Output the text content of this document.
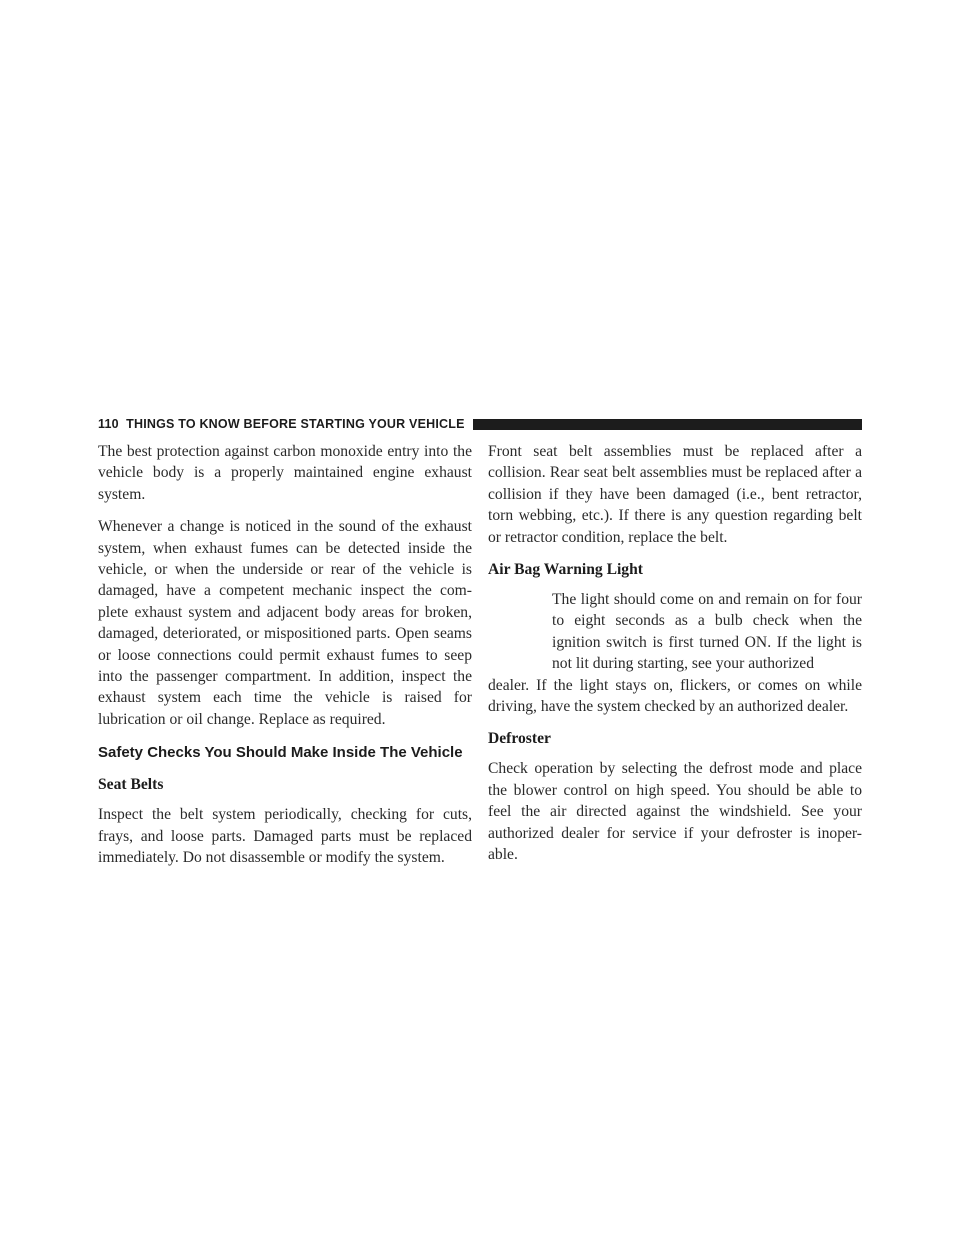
110 THINGS TO KNOW BEFORE STARTING YOUR VEHICLE

The best protection against carbon monoxide entry into the vehicle body is a properly maintained engine exhaust system.

Whenever a change is noticed in the sound of the exhaust system, when exhaust fumes can be detected inside the vehicle, or when the underside or rear of the vehicle is damaged, have a competent mechanic inspect the com-plete exhaust system and adjacent body areas for broken, damaged, deteriorated, or mispositioned parts. Open seams or loose connections could permit exhaust fumes to seep into the passenger compartment. In addition, inspect the exhaust system each time the vehicle is raised for lubrication or oil change. Replace as required.

Safety Checks You Should Make Inside The Vehicle
Seat Belts

Inspect the belt system periodically, checking for cuts, frays, and loose parts. Damaged parts must be replaced immediately. Do not disassemble or modify the system.

Front seat belt assemblies must be replaced after a collision. Rear seat belt assemblies must be replaced after a collision if they have been damaged (i.e., bent retractor, torn webbing, etc.). If there is any question regarding belt or retractor condition, replace the belt.

Air Bag Warning Light

The light should come on and remain on for four to eight seconds as a bulb check when the ignition switch is first turned ON. If the light is not lit during starting, see your authorized

dealer. If the light stays on, flickers, or comes on while driving, have the system checked by an authorized dealer.

Defroster

Check operation by selecting the defrost mode and place the blower control on high speed. You should be able to feel the air directed against the windshield. See your authorized dealer for service if your defroster is inoper-able.
